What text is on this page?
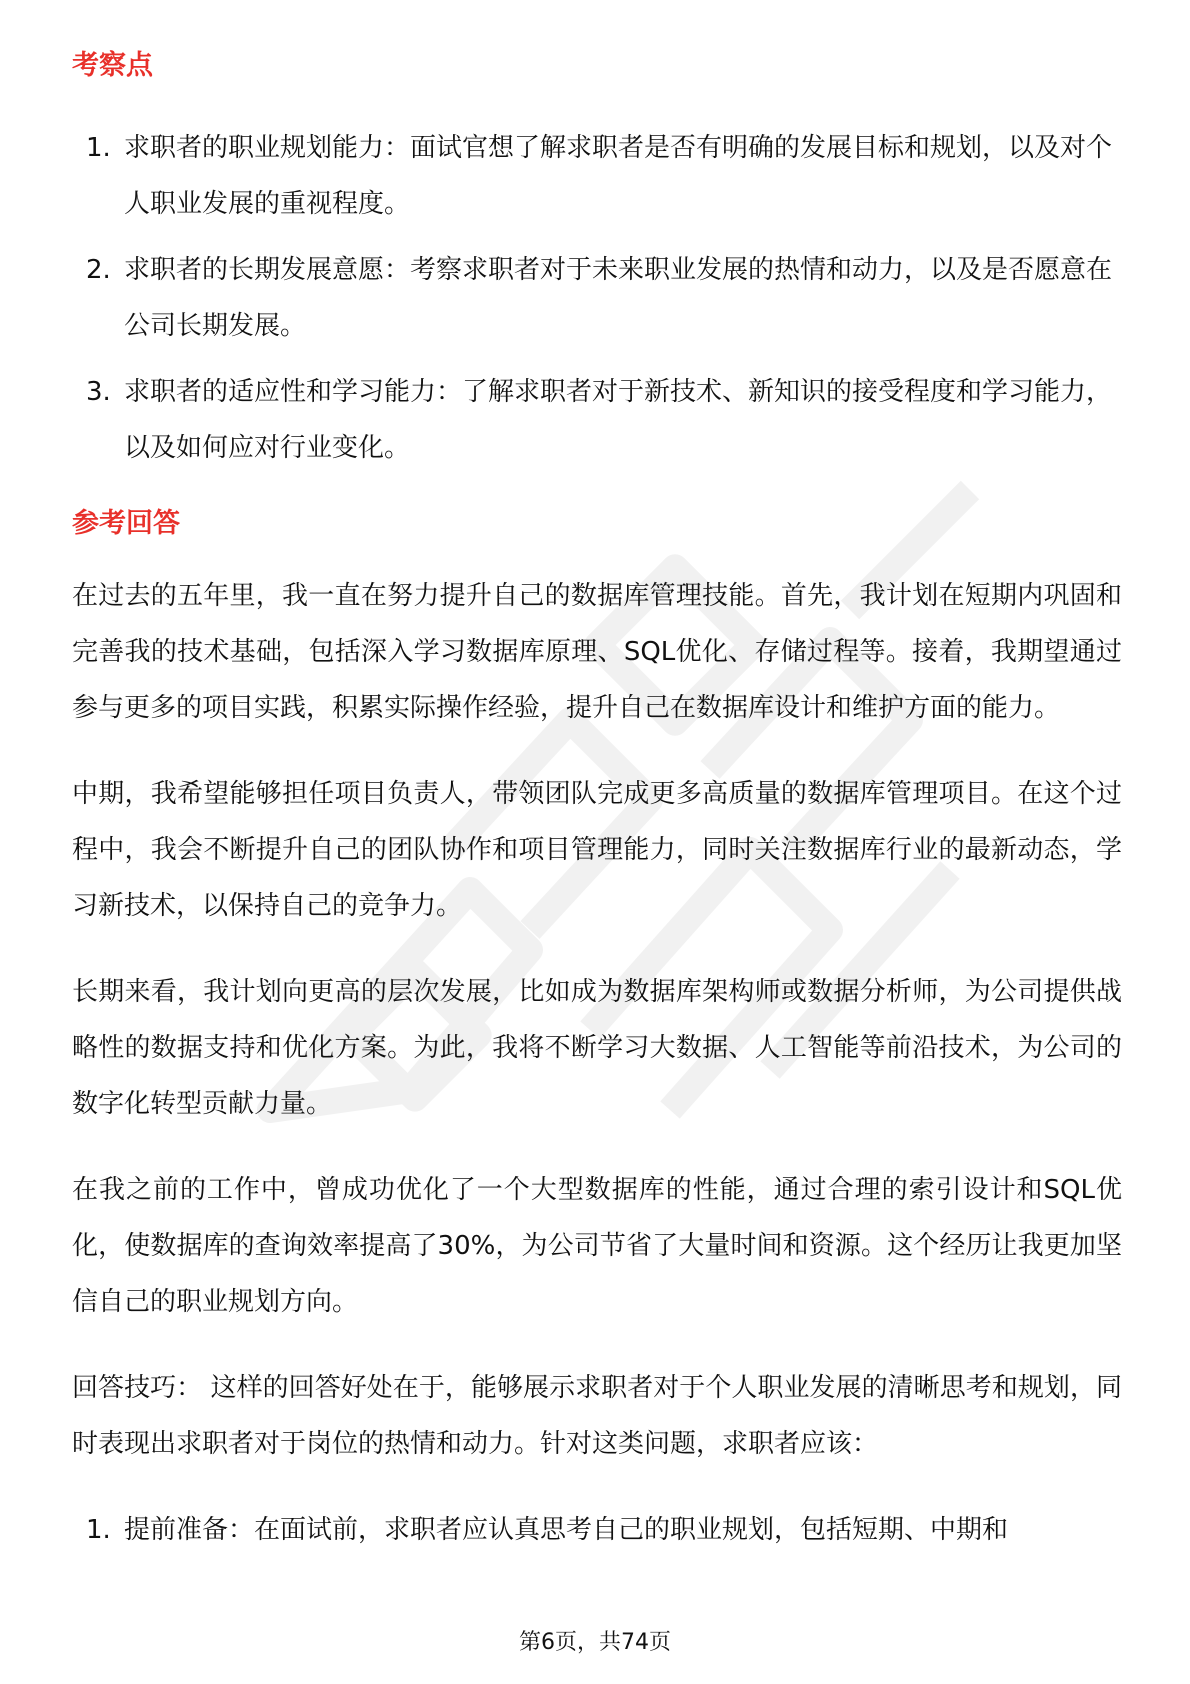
考察点
1. 求职者的职业规划能力：面试官想了解求职者是否有明确的发展目标和规划，以及对个人职业发展的重视程度。
2. 求职者的长期发展意愿：考察求职者对于未来职业发展的热情和动力，以及是否愿意在公司长期发展。
3. 求职者的适应性和学习能力：了解求职者对于新技术、新知识的接受程度和学习能力，以及如何应对行业变化。
参考回答

在过去的五年里，我一直在努力提升自己的数据库管理技能。首先，我计划在短期内巩固和完善我的技术基础，包括深入学习数据库原理、SQL优化、存储过程等。接着，我期望通过参与更多的项目实践，积累实际操作经验，提升自己在数据库设计和维护方面的能力。

中期，我希望能够担任项目负责人，带领团队完成更多高质量的数据库管理项目。在这个过程中，我会不断提升自己的团队协作和项目管理能力，同时关注数据库行业的最新动态，学习新技术，以保持自己的竞争力。

长期来看，我计划向更高的层次发展，比如成为数据库架构师或数据分析师，为公司提供战略性的数据支持和优化方案。为此，我将不断学习大数据、人工智能等前沿技术，为公司的数字化转型贡献力量。

在我之前的工作中，曾成功优化了一个大型数据库的性能，通过合理的索引设计和SQL优化，使数据库的查询效率提高了30%，为公司节省了大量时间和资源。这个经历让我更加坚信自己的职业规划方向。

回答技巧： 这样的回答好处在于，能够展示求职者对于个人职业发展的清晰思考和规划，同时表现出求职者对于岗位的热情和动力。针对这类问题，求职者应该：

1. 提前准备：在面试前，求职者应认真思考自己的职业规划，包括短期、中期和
第6页，共74页
